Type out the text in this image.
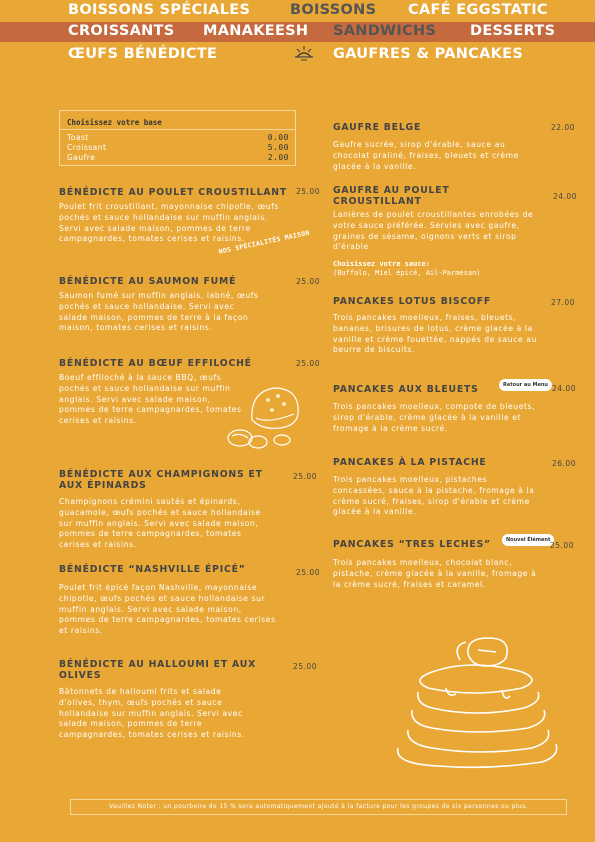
BOISSONS SPÉCIALES	BOISSONS CAFÉ EGGSTATIC
CROISSANTS MANAKEESH SANDWICHS DESSERTS
ŒUFS BÉNÉDICTE	GAUFRES & PANCAKES
Choisissez votre base
Toast	0.00
Croissant	5.00
Gaufre	2.00
BÉNÉDICTE AU POULET CROUSTILLANT
Poulet frit croustillant, mayonnaise chipotle, œufs pochés et sauce hollandaise sur muffin anglais. Servi avec salade maison, pommes de terre campagnardes, tomates cerises et raisins.
25.00
NOS SPÉCIALITÉS MAISON
BÉNÉDICTE AU SAUMON FUMÉ
Saumon fumé sur muffin anglais, labné, œufs pochés et sauce hollandaise. Servi avec salade maison, pommes de terre à la façon maison, tomates cerises et raisins.
25.00
BÉNÉDICTE AU BŒUF EFFILOCHÉ
Boeuf effiloché à la sauce BBQ, œufs pochés et sauce hollandaise sur muffin anglais. Servi avec salade maison, pommes de terre campagnardes, tomates cerises et raisins.
25.00
BÉNÉDICTE AUX CHAMPIGNONS ET AUX ÉPINARDS
Champignons crémini sautés et épinards, guacamole, œufs pochés et sauce hollandaise sur muffin anglais. Servi avec salade maison, pommes de terre campagnardes, tomates cerises et raisins.
25.00
BÉNÉDICTE “NASHVILLE ÉPICÉ”
Poulet frit épicé façon Nashville, mayonnaise chipotle, œufs pochés et sauce hollandaise sur muffin anglais. Servi avec salade maison, pommes de terre campagnardes, tomates cerises et raisins.
25.00
BÉNÉDICTE AU HALLOUMI ET AUX OLIVES
Bâtonnets de halloumi frits et salade d'olives, thym, œufs pochés et sauce hollandaise sur muffin anglais. Servi avec salade maison, pommes de terre campagnardes, tomates cerises et raisins.
25.00
GAUFRE BELGE
Gaufre sucrée, sirop d'érable, sauce au chocolat praliné, fraises, bleuets et crème glacée à la vanille.
22.00
GAUFRE AU POULET CROUSTILLANT
Lanières de poulet croustillantes enrobées de votre sauce préférée. Servies avec gaufre, graines de sésame, oignons verts et sirop d'érable
24.00
Choisissez votre sauce:
(Buffalo, Miel épicé, Ail-Parmesan)
PANCAKES LOTUS BISCOFF
Trois pancakes moelleux, fraises, bleuets, bananes, brisures de lotus, crème glacée à la vanille et crème fouettée, nappés de sauce au beurre de biscuits.
27.00
PANCAKES AUX BLEUETS
Trois pancakes moelleux, compote de bleuets, sirop d'érable, crème glacée à la vanille et fromage à la crème sucré.
Retour au Menu 24.00
PANCAKES À LA PISTACHE
Trois pancakes moelleux, pistaches concassées, sauce à la pistache, fromage à la crème sucré, fraises, sirop d'érable et crème glacée à la vanille.
26.00
PANCAKES “TRES LECHES”
Trois pancakes moelleux, chocolat blanc, pistache, crème glacée à la vanille, fromage à la crème sucré, fraises et caramel.
Nouvel Élément
25.00
Veuillez Noter : un pourboire de 15 % sera automatiquement ajouté à la facture pour les groupes de six personnes ou plus.
